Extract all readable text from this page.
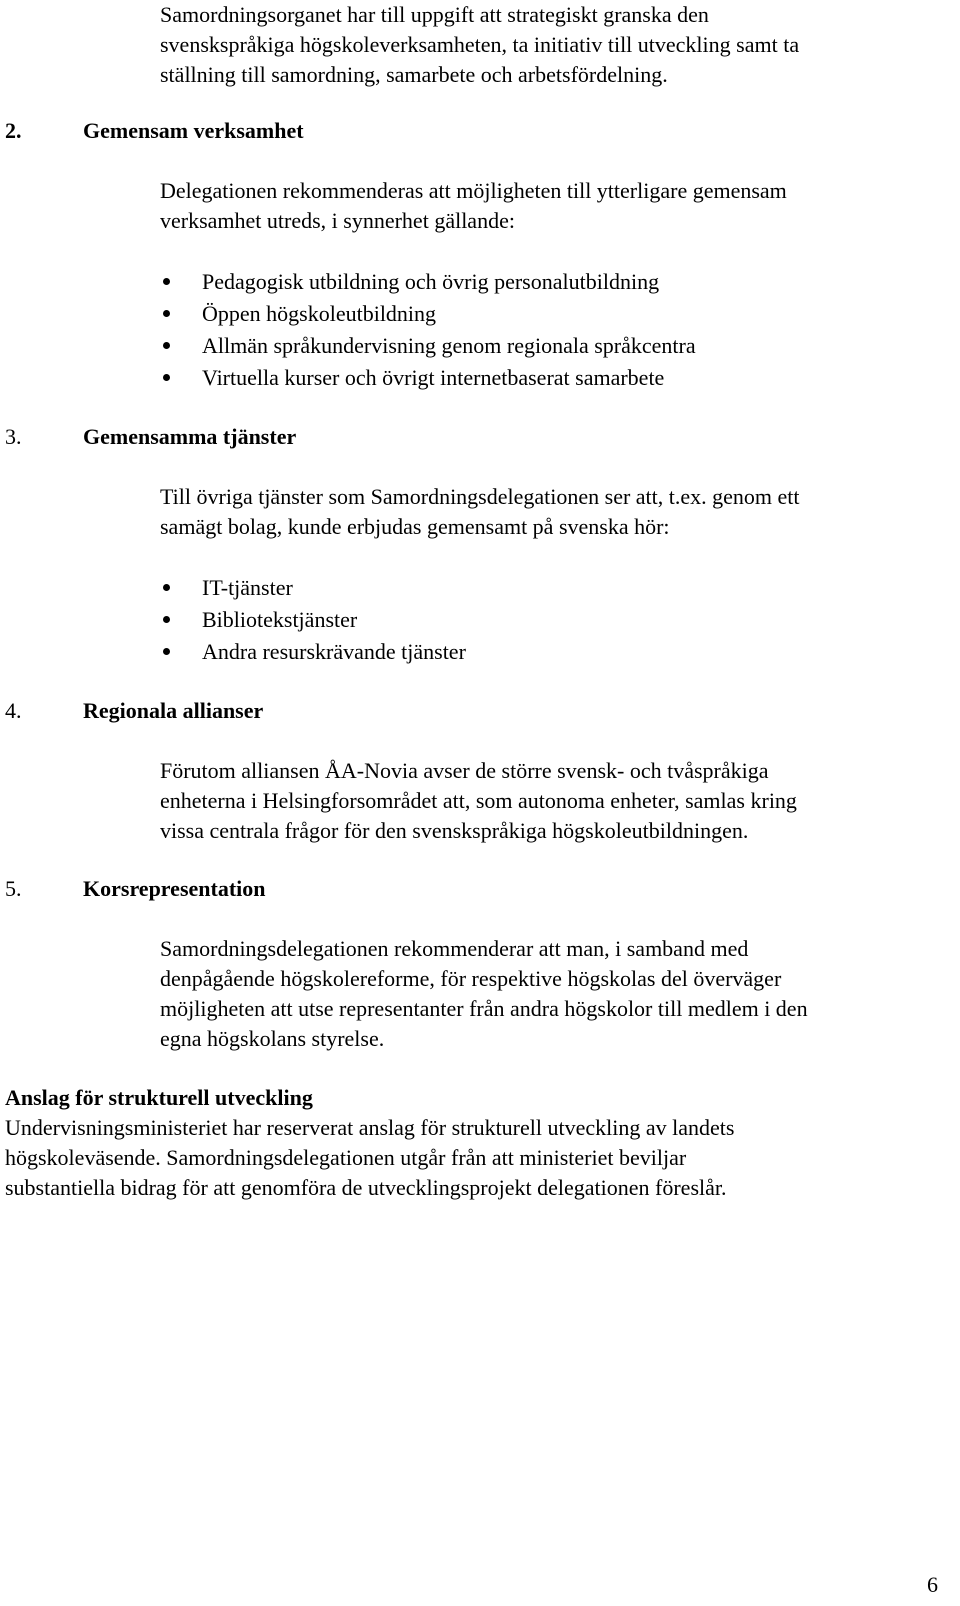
Samordningsorganet har till uppgift att strategiskt granska den
svenskspråkiga högskoleverksamheten, ta initiativ till utveckling samt ta
ställning till samordning, samarbete och arbetsfördelning.
2.	Gemensam verksamhet
Delegationen rekommenderas att möjligheten till ytterligare gemensam
verksamhet utreds, i synnerhet gällande:
Pedagogisk utbildning och övrig personalutbildning
Öppen högskoleutbildning
Allmän språkundervisning genom regionala språkcentra
Virtuella kurser och övrigt internetbaserat samarbete
3.	Gemensamma tjänster
Till övriga tjänster som Samordningsdelegationen ser att, t.ex. genom ett
samägt bolag, kunde erbjudas gemensamt på svenska hör:
IT-tjänster
Bibliotekstjänster
Andra resurskrävande tjänster
4.	Regionala allianser
Förutom alliansen ÅA-Novia avser de större svensk- och tvåspråkiga
enheterna i Helsingforsområdet att, som autonoma enheter, samlas kring
vissa centrala frågor för den svenskspråkiga högskoleutbildningen.
5.	Korsrepresentation
Samordningsdelegationen rekommenderar att man, i samband med
denpågående högskolereforme, för respektive högskolas del överväger
möjligheten att utse representanter från andra högskolor till medlem i den
egna högskolans styrelse.
Anslag för strukturell utveckling
Undervisningsministeriet har reserverat anslag för strukturell utveckling av landets
högskoleväsende. Samordningsdelegationen utgår från att ministeriet beviljar
substantiella bidrag för att genomföra de utvecklingsprojekt delegationen föreslår.
6
